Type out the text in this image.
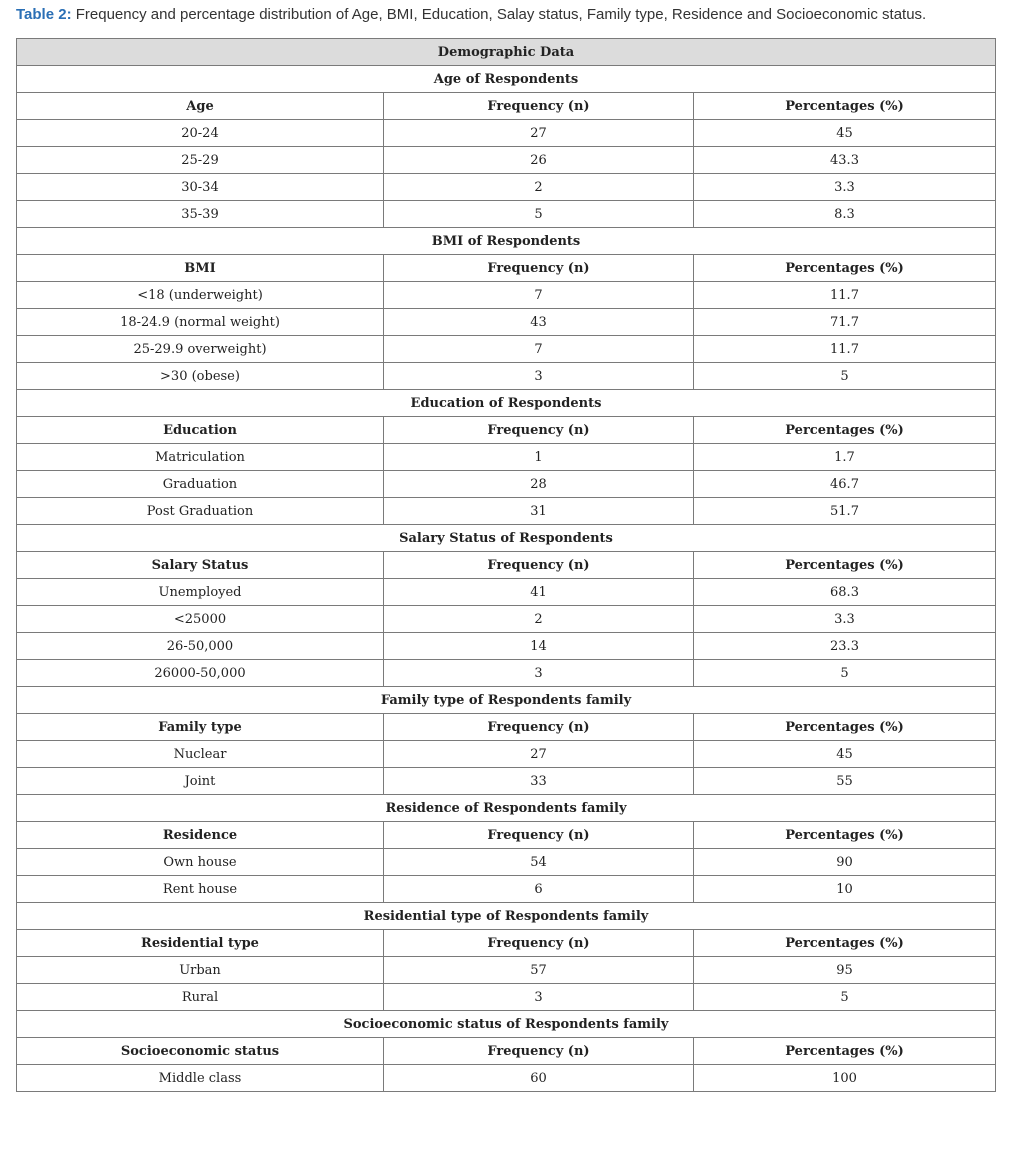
Table 2: Frequency and percentage distribution of Age, BMI, Education, Salay status, Family type, Residence and Socioeconomic status.
Demographic Data		
Age of Respondents		
Age	Frequency (n)	Percentages (%)
20-24	27	45
25-29	26	43.3
30-34	2	3.3
35-39	5	8.3
BMI of Respondents		
BMI	Frequency (n)	Percentages (%)
<18 (underweight)	7	11.7
18-24.9 (normal weight)	43	71.7
25-29.9 overweight)	7	11.7
>30 (obese)	3	5
Education of Respondents		
Education	Frequency (n)	Percentages (%)
Matriculation	1	1.7
Graduation	28	46.7
Post Graduation	31	51.7
Salary Status of Respondents		
Salary Status	Frequency (n)	Percentages (%)
Unemployed	41	68.3
<25000	2	3.3
26-50,000	14	23.3
26000-50,000	3	5
Family type of Respondents family		
Family type	Frequency (n)	Percentages (%)
Nuclear	27	45
Joint	33	55
Residence of Respondents family		
Residence	Frequency (n)	Percentages (%)
Own house	54	90
Rent house	6	10
Residential type of Respondents family		
Residential type	Frequency (n)	Percentages (%)
Urban	57	95
Rural	3	5
Socioeconomic status of Respondents family		
Socioeconomic status	Frequency (n)	Percentages (%)
Middle class	60	100
